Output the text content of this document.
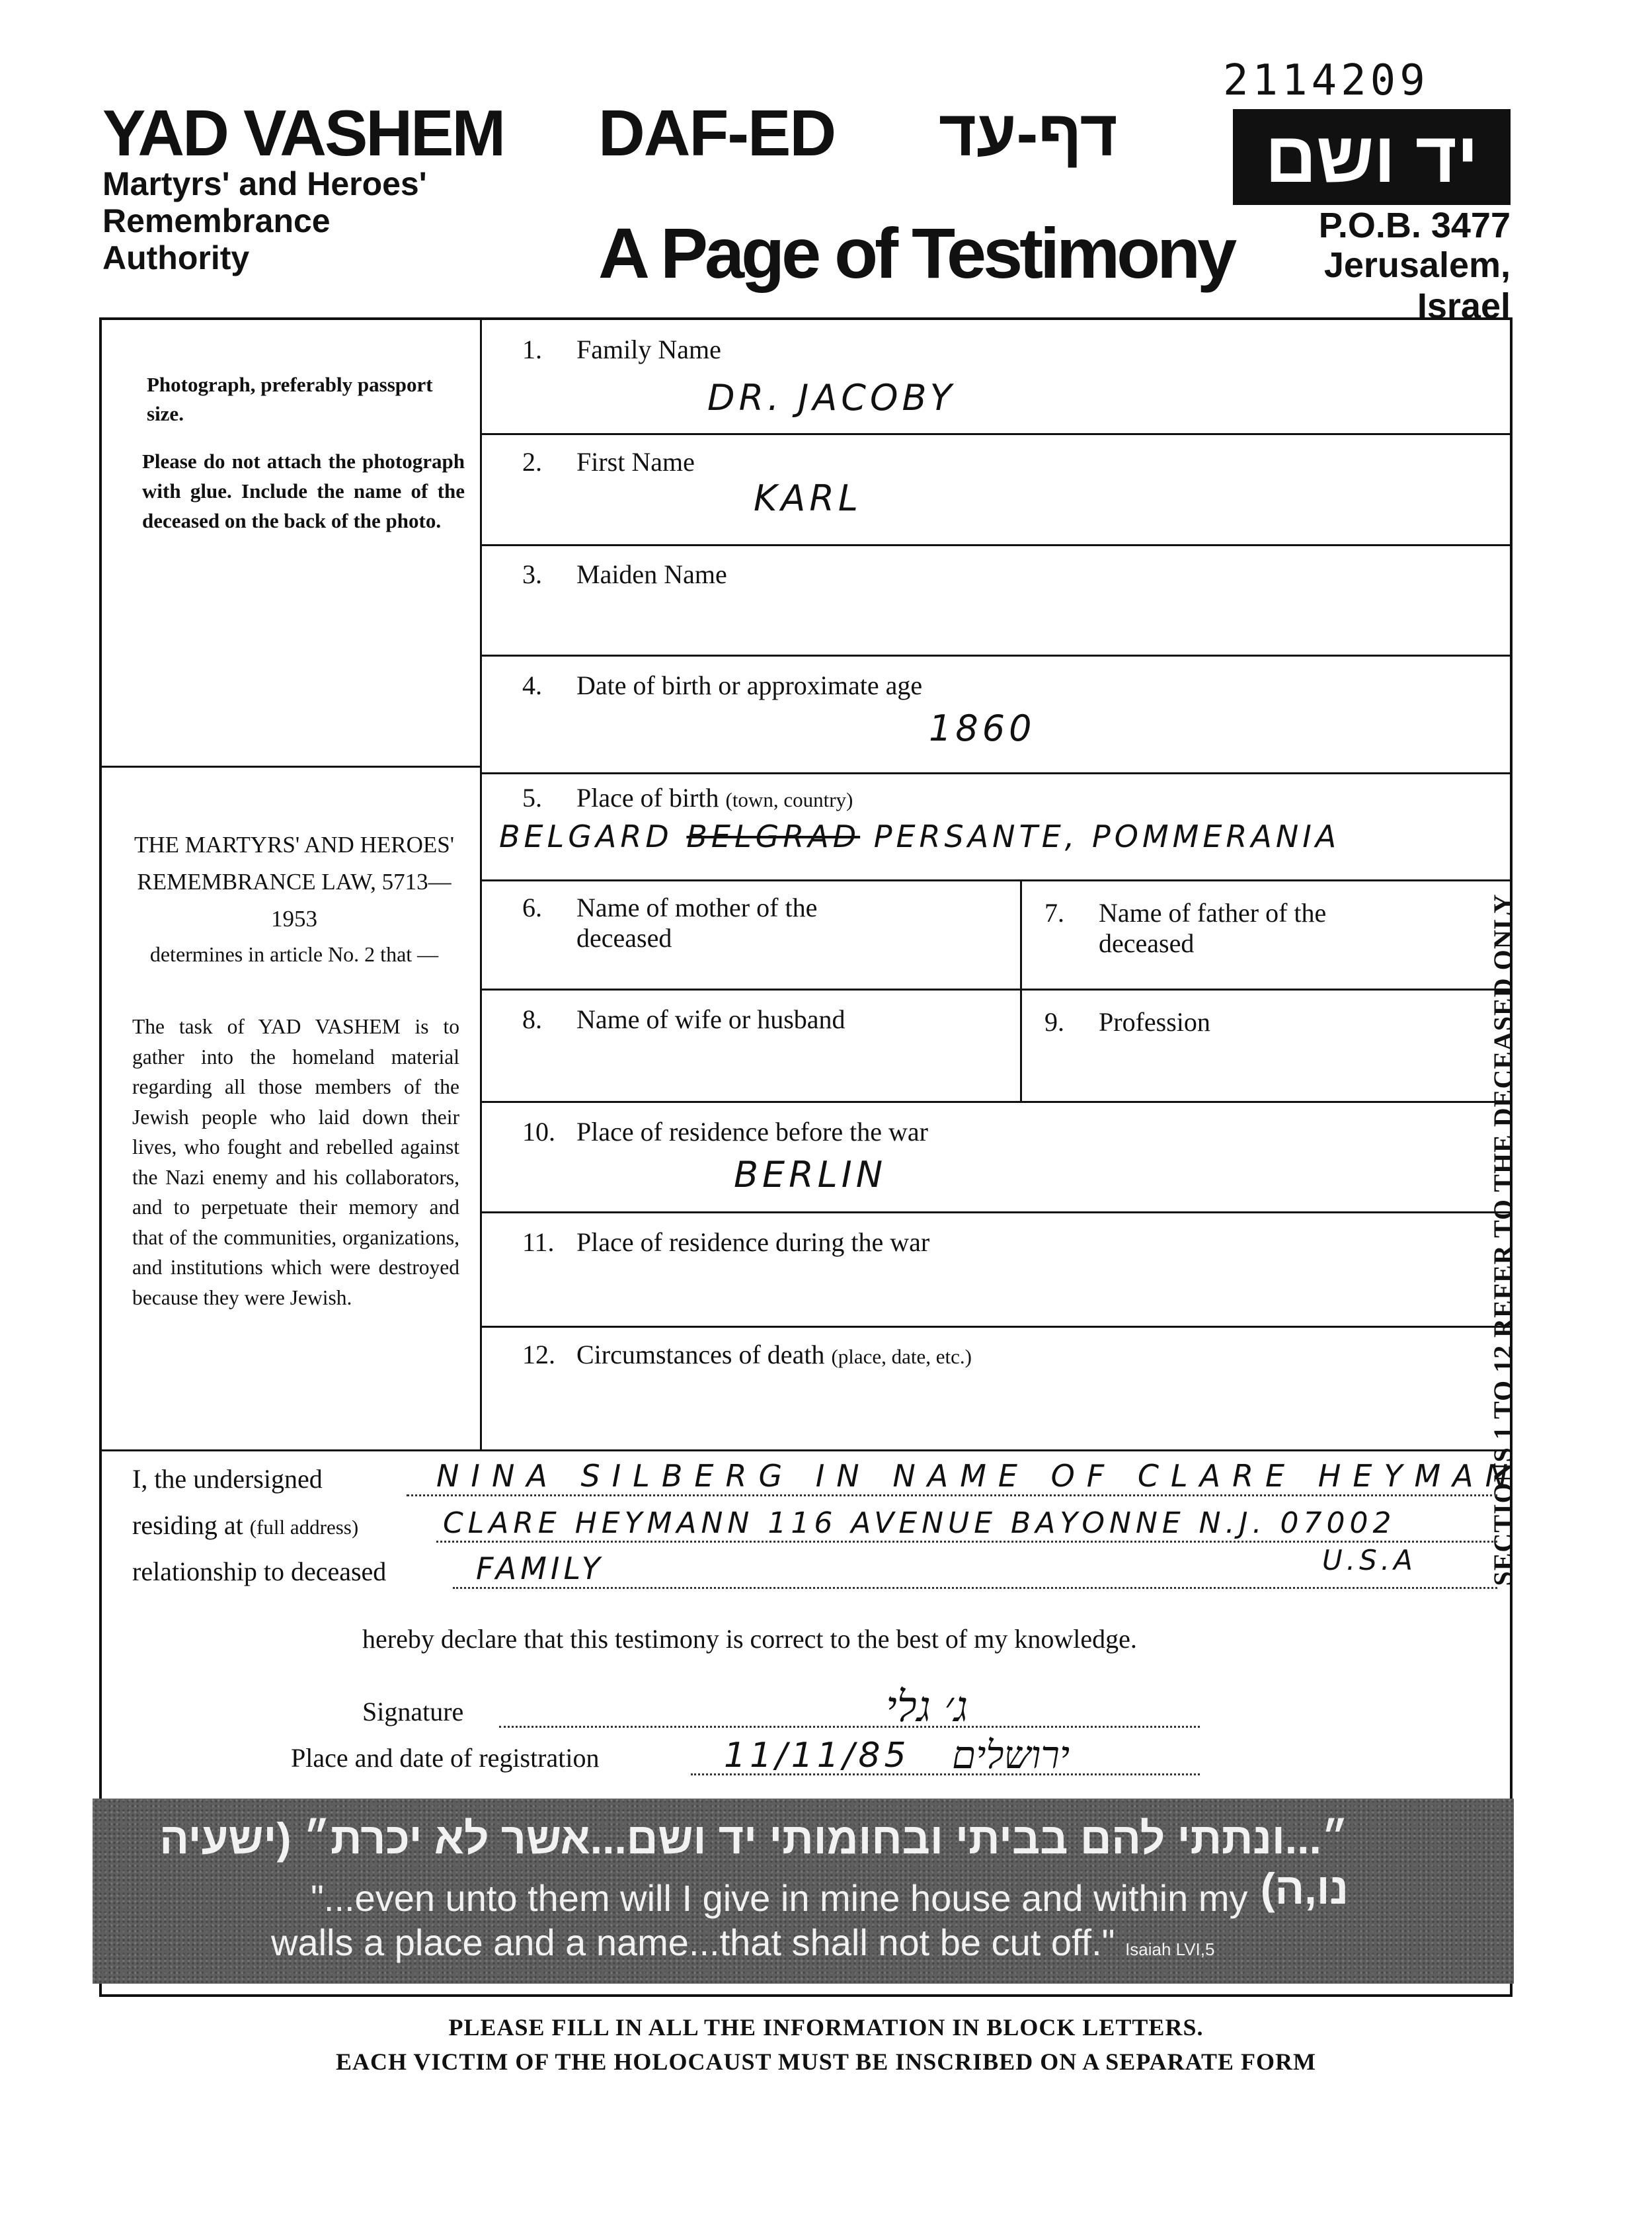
2114209
YAD VASHEM
Martyrs' and Heroes'
Remembrance
Authority
DAF-ED דף-עד
A Page of Testimony
יד ושם
P.O.B. 3477
Jerusalem, Israel
Photograph, preferably passport size.
Please do not attach the photograph with glue. Include the name of the deceased on the back of the photo.
THE MARTYRS' AND HEROES' REMEMBRANCE LAW, 5713—1953
determines in article No. 2 that —
The task of YAD VASHEM is to gather into the homeland material regarding all those members of the Jewish people who laid down their lives, who fought and rebelled against the Nazi enemy and his collaborators, and to perpetuate their memory and that of the communities, organizations, and institutions which were destroyed because they were Jewish.
1. Family Name
DR. JACOBY
2. First Name
KARL
3. Maiden Name
4. Date of birth or approximate age
1860
5. Place of birth (town, country)
BELGARD BELGRAD PERSANTE, POMMERANIA
6. Name of mother of the deceased
7. Name of father of the deceased
8. Name of wife or husband	9. Profession
10. Place of residence before the war
BERLIN
11. Place of residence during the war
12. Circumstances of death (place, date, etc.)	SECTIONS 1 TO 12 REFER TO THE DECEASED ONLY
I, the undersigned	NINA SILBERG IN NAME OF CLARE HEYMAN
residing at (full address)	CLARE HEYMANN 116 AVENUE BAYONNE N.J. 07002
relationship to deceased	FAMILY	U.S.A
hereby declare that this testimony is correct to the best of my knowledge.
Signature	ג׳ גלי
Place and date of registration	11/11/85 ירושלים
״...ונתתי להם בביתי ובחומותי יד ושם...אשר לא יכרת״ (ישעיה נו,ה)
"...even unto them will I give in mine house and within my
walls a place and a name...that shall not be cut off." Isaiah LVI,5
PLEASE FILL IN ALL THE INFORMATION IN BLOCK LETTERS.
EACH VICTIM OF THE HOLOCAUST MUST BE INSCRIBED ON A SEPARATE FORM
